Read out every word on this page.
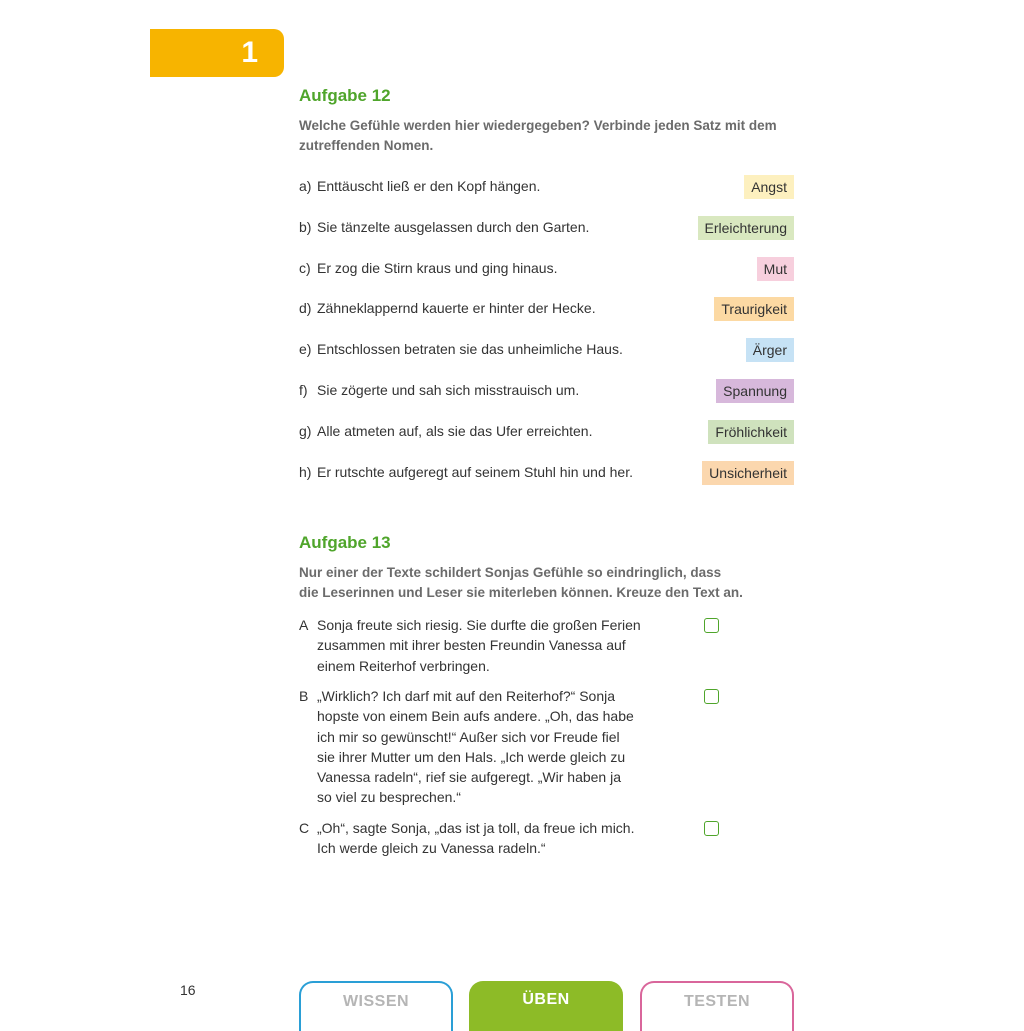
1
Aufgabe 12
Welche Gefühle werden hier wiedergegeben? Verbinde jeden Satz mit dem zutreffenden Nomen.
a) Enttäuscht ließ er den Kopf hängen.	Angst
b) Sie tänzelte ausgelassen durch den Garten.	Erleichterung
c) Er zog die Stirn kraus und ging hinaus.	Mut
d) Zähneklappernd kauerte er hinter der Hecke.	Traurigkeit
e) Entschlossen betraten sie das unheimliche Haus.	Ärger
f) Sie zögerte und sah sich misstrauisch um.	Spannung
g) Alle atmeten auf, als sie das Ufer erreichten.	Fröhlichkeit
h) Er rutschte aufgeregt auf seinem Stuhl hin und her.	Unsicherheit
Aufgabe 13
Nur einer der Texte schildert Sonjas Gefühle so eindringlich, dass
die Leserinnen und Leser sie miterleben können. Kreuze den Text an.
A Sonja freute sich riesig. Sie durfte die großen Ferien
zusammen mit ihrer besten Freundin Vanessa auf
einem Reiterhof verbringen.
B „Wirklich? Ich darf mit auf den Reiterhof?“ Sonja
hopste von einem Bein aufs andere. „Oh, das habe
ich mir so gewünscht!“ Außer sich vor Freude fiel
sie ihrer Mutter um den Hals. „Ich werde gleich zu
Vanessa radeln“, rief sie aufgeregt. „Wir haben ja
so viel zu besprechen.“
C „Oh“, sagte Sonja, „das ist ja toll, da freue ich mich.
Ich werde gleich zu Vanessa radeln.“
16
WISSEN	ÜBEN	TESTEN
